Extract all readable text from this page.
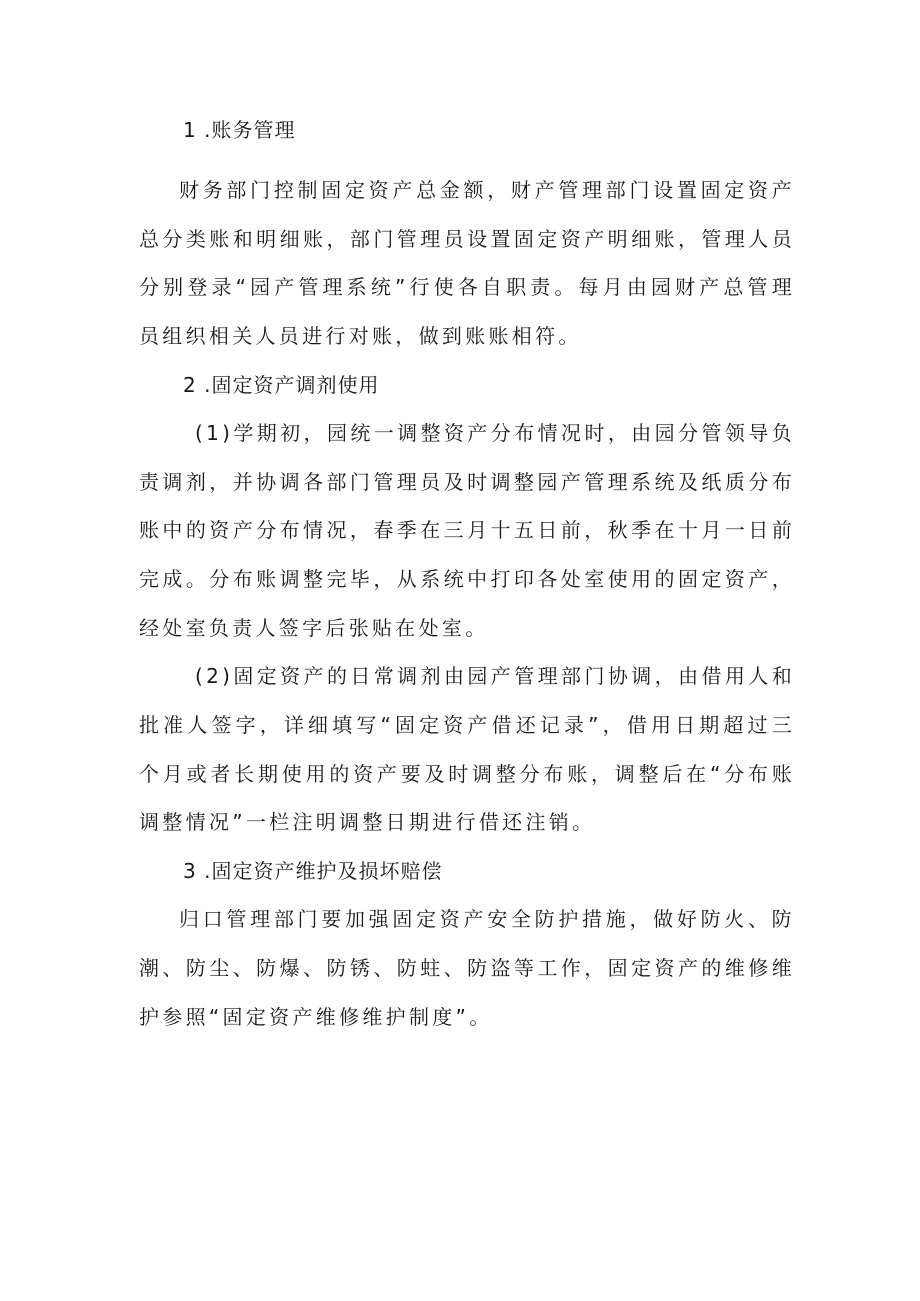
1 .账务管理

财务部门控制固定资产总金额，财产管理部门设置固定资产总分类账和明细账，部门管理员设置固定资产明细账，管理人员分别登录“园产管理系统”行使各自职责。每月由园财产总管理员组织相关人员进行对账，做到账账相符。

2 .固定资产调剂使用

(1)学期初，园统一调整资产分布情况时，由园分管领导负责调剂，并协调各部门管理员及时调整园产管理系统及纸质分布账中的资产分布情况，春季在三月十五日前，秋季在十月一日前完成。分布账调整完毕，从系统中打印各处室使用的固定资产，经处室负责人签字后张贴在处室。

(2)固定资产的日常调剂由园产管理部门协调，由借用人和批准人签字，详细填写“固定资产借还记录”，借用日期超过三个月或者长期使用的资产要及时调整分布账，调整后在“分布账调整情况”一栏注明调整日期进行借还注销。

3 .固定资产维护及损坏赔偿

归口管理部门要加强固定资产安全防护措施，做好防火、防潮、防尘、防爆、防锈、防蛀、防盗等工作，固定资产的维修维护参照“固定资产维修维护制度”。
